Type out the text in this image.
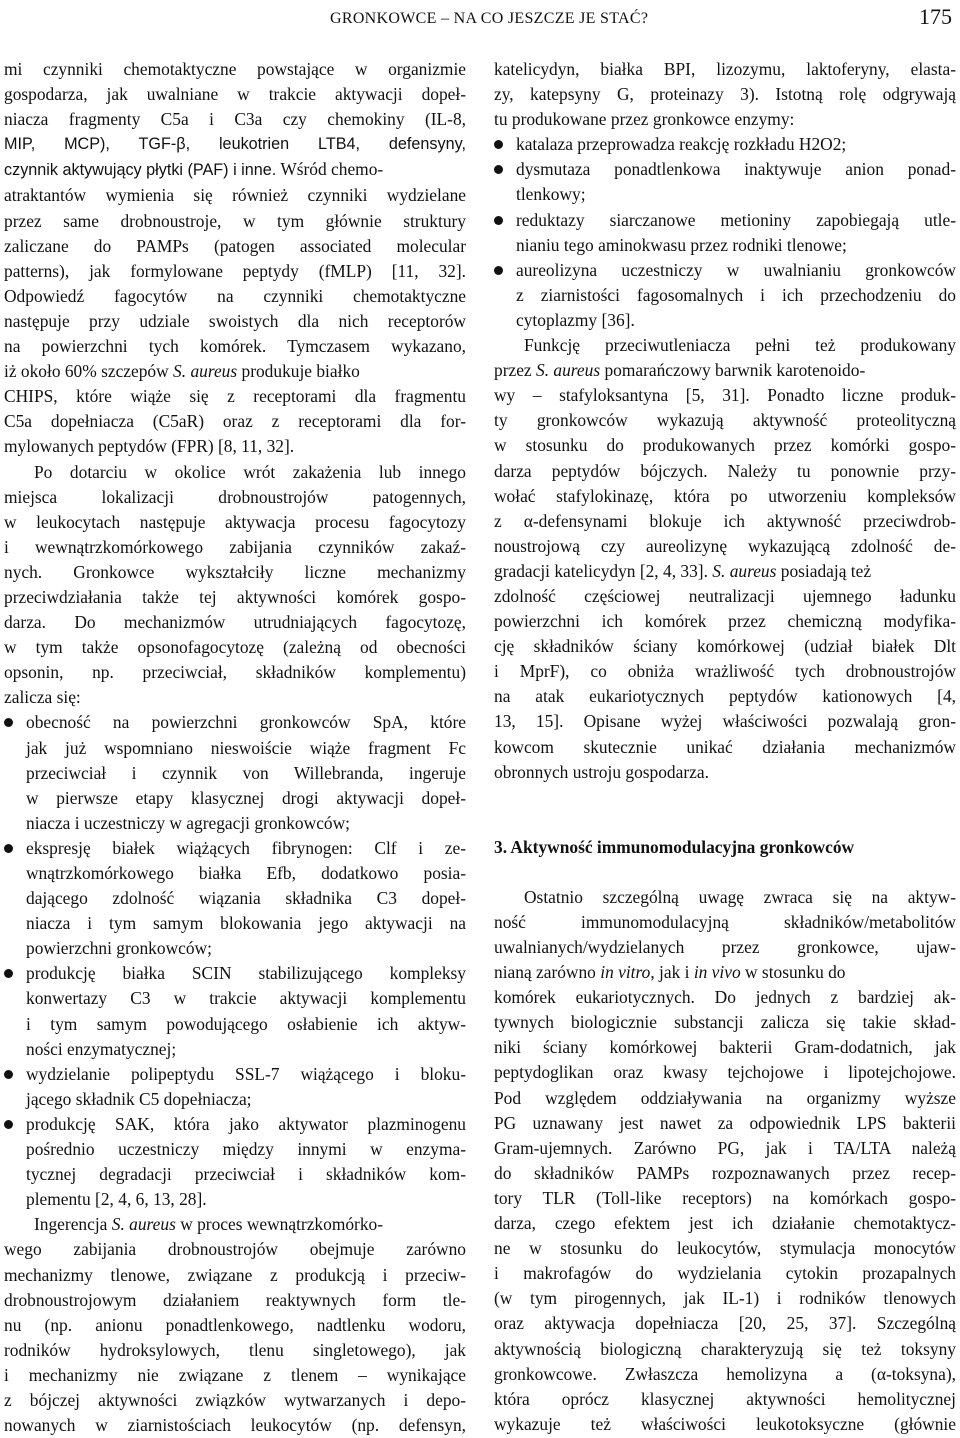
GRONKOWCE – NA CO JESZCZE JE STAĆ?	175
mi czynniki chemotaktyczne powstające w organizmie
gospodarza, jak uwalniane w trakcie aktywacji dopeł-
niacza fragmenty C5a i C3a czy chemokiny (IL-8,
MIP, MCP), TGF-β, leukotrien LTB4, defensyny,
czynnik aktywujący płytki (PAF) i inne. Wśród chemo-
atraktantów wymienia się również czynniki wydzielane
przez same drobnoustroje, w tym głównie struktury
zaliczane do PAMPs (patogen associated molecular
patterns), jak formylowane peptydy (fMLP) [11, 32].
Odpowiedź fagocytów na czynniki chemotaktyczne
następuje przy udziale swoistych dla nich receptorów
na powierzchni tych komórek. Tymczasem wykazano,
iż około 60% szczepów S. aureus produkuje białko
CHIPS, które wiąże się z receptorami dla fragmentu
C5a dopełniacza (C5aR) oraz z receptorami dla for-
mylowanych peptydów (FPR) [8, 11, 32].
Po dotarciu w okolice wrót zakażenia lub innego
miejsca lokalizacji drobnoustrojów patogennych,
w leukocytach następuje aktywacja procesu fagocytozy
i wewnątrzkomórkowego zabijania czynników zakaź-
nych. Gronkowce wykształciły liczne mechanizmy
przeciwdziałania także tej aktywności komórek gospo-
darza. Do mechanizmów utrudniających fagocytozę,
w tym także opsonofagocytozę (zależną od obecności
opsonin, np. przeciwciał, składników komplementu)
zalicza się:
obecność na powierzchni gronkowców SpA, które
jak już wspomniano nieswoiście wiąże fragment Fc
przeciwciał i czynnik von Willebranda, ingeruje
w pierwsze etapy klasycznej drogi aktywacji dopeł-
niacza i uczestniczy w agregacji gronkowców;
ekspresję białek wiążących fibrynogen: Clf i ze-
wnątrzkomórkowego białka Efb, dodatkowo posia-
dającego zdolność wiązania składnika C3 dopeł-
niacza i tym samym blokowania jego aktywacji na
powierzchni gronkowców;
produkcję białka SCIN stabilizującego kompleksy
konwertazy C3 w trakcie aktywacji komplementu
i tym samym powodującego osłabienie ich aktyw-
ności enzymatycznej;
wydzielanie polipeptydu SSL-7 wiążącego i bloku-
jącego składnik C5 dopełniacza;
produkcję SAK, która jako aktywator plazminogenu
pośrednio uczestniczy między innymi w enzyma-
tycznej degradacji przeciwciał i składników kom-
plementu [2, 4, 6, 13, 28].
Ingerencja S. aureus w proces wewnątrzkomórko-
wego zabijania drobnoustrojów obejmuje zarówno
mechanizmy tlenowe, związane z produkcją i przeciw-
drobnoustrojowym działaniem reaktywnych form tle-
nu (np. anionu ponadtlenkowego, nadtlenku wodoru,
rodników hydroksylowych, tlenu singletowego), jak
i mechanizmy nie związane z tlenem – wynikające
z bójczej aktywności związków wytwarzanych i depo-
nowanych w ziarnistościach leukocytów (np. defensyn,
katelicydyn, białka BPI, lizozymu, laktoferyny, elasta-
zy, katepsyny G, proteinazy 3). Istotną rolę odgrywają
tu produkowane przez gronkowce enzymy:
katalaza przeprowadza reakcję rozkładu H2O2;
dysmutaza ponadtlenkowa inaktywuje anion ponad-
tlenkowy;
reduktazy siarczanowe metioniny zapobiegają utle-
nianiu tego aminokwasu przez rodniki tlenowe;
aureolizyna uczestniczy w uwalnianiu gronkowców
z ziarnistości fagosomalnych i ich przechodzeniu do
cytoplazmy [36].
Funkcję przeciwutleniacza pełni też produkowany
przez S. aureus pomarańczowy barwnik karotenoido-
wy – stafyloksantyna [5, 31]. Ponadto liczne produk-
ty gronkowców wykazują aktywność proteolityczną
w stosunku do produkowanych przez komórki gospo-
darza peptydów bójczych. Należy tu ponownie przy-
wołać stafylokinazę, która po utworzeniu kompleksów
z α-defensynami blokuje ich aktywność przeciwdrob-
noustrojową czy aureolizynę wykazującą zdolność de-
gradacji katelicydyn [2, 4, 33]. S. aureus posiadają też
zdolność częściowej neutralizacji ujemnego ładunku
powierzchni ich komórek przez chemiczną modyfika-
cję składników ściany komórkowej (udział białek Dlt
i MprF), co obniża wrażliwość tych drobnoustrojów
na atak eukariotycznych peptydów kationowych [4,
13, 15]. Opisane wyżej właściwości pozwalają gron-
kowcom skutecznie unikać działania mechanizmów
obronnych ustroju gospodarza.
3. Aktywność immunomodulacyjna gronkowców
Ostatnio szczególną uwagę zwraca się na aktyw-
ność immunomodulacyjną składników/metabolitów
uwalnianych/wydzielanych przez gronkowce, ujaw-
nianą zarówno in vitro, jak i in vivo w stosunku do
komórek eukariotycznych. Do jednych z bardziej ak-
tywnych biologicznie substancji zalicza się takie skład-
niki ściany komórkowej bakterii Gram-dodatnich, jak
peptydoglikan oraz kwasy tejchojowe i lipotejchojowe.
Pod względem oddziaływania na organizmy wyższe
PG uznawany jest nawet za odpowiednik LPS bakterii
Gram-ujemnych. Zarówno PG, jak i TA/LTA należą
do składników PAMPs rozpoznawanych przez recep-
tory TLR (Toll-like receptors) na komórkach gospo-
darza, czego efektem jest ich działanie chemotaktycz-
ne w stosunku do leukocytów, stymulacja monocytów
i makrofagów do wydzielania cytokin prozapalnych
(w tym pirogennych, jak IL-1) i rodników tlenowych
oraz aktywacja dopełniacza [20, 25, 37]. Szczególną
aktywnością biologiczną charakteryzują się też toksyny
gronkowcowe. Zwłaszcza hemolizyna a (α-toksyna),
która oprócz klasycznej aktywności hemolitycznej
wykazuje też właściwości leukotoksyczne (głównie
